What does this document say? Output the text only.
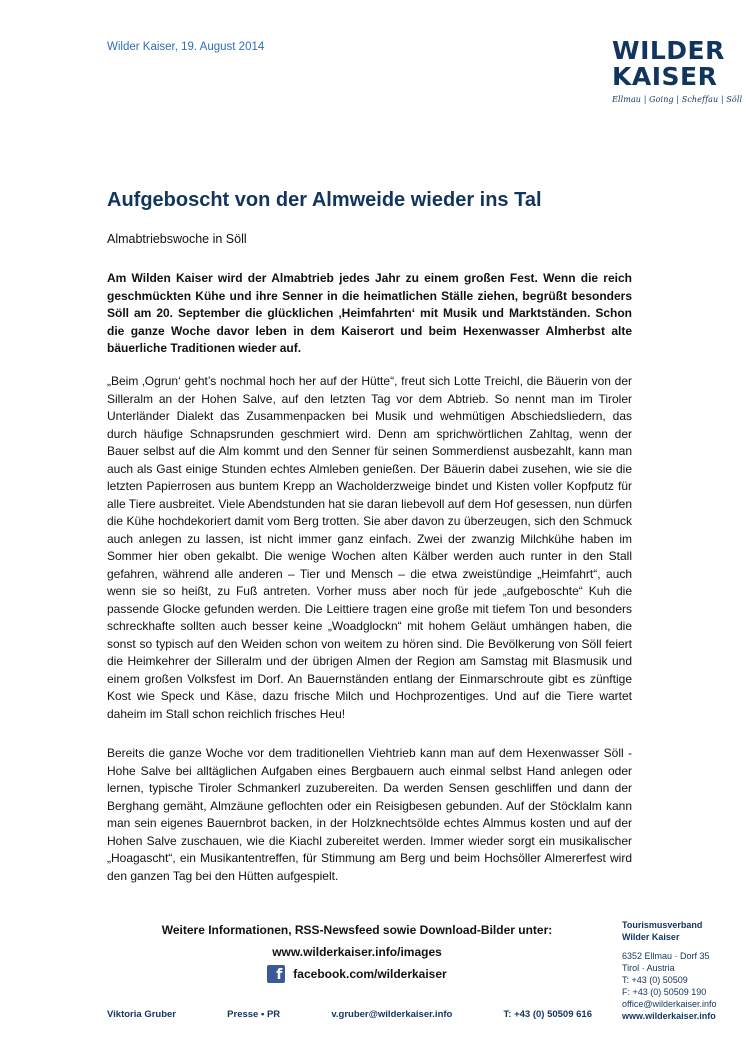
Wilder Kaiser, 19. August 2014	WILDER
KAISER
Ellmau | Going | Scheffau | Söll
Aufgeboscht von der Almweide wieder ins Tal
Almabtriebswoche in Söll

Am Wilden Kaiser wird der Almabtrieb jedes Jahr zu einem großen Fest. Wenn die reich geschmückten Kühe und ihre Senner in die heimatlichen Ställe ziehen, begrüßt besonders Söll am 20. September die glücklichen ‚Heimfahrten‘ mit Musik und Marktständen. Schon die ganze Woche davor leben in dem Kaiserort und beim Hexenwasser Almherbst alte bäuerliche Traditionen wieder auf.

„Beim ‚Ogrun‘ geht’s nochmal hoch her auf der Hütte“, freut sich Lotte Treichl, die Bäuerin von der Silleralm an der Hohen Salve, auf den letzten Tag vor dem Abtrieb. So nennt man im Tiroler Unterländer Dialekt das Zusammenpacken bei Musik und wehmütigen Abschiedsliedern, das durch häufige Schnapsrunden geschmiert wird. Denn am sprichwörtlichen Zahltag, wenn der Bauer selbst auf die Alm kommt und den Senner für seinen Sommerdienst ausbezahlt, kann man auch als Gast einige Stunden echtes Almleben genießen. Der Bäuerin dabei zusehen, wie sie die letzten Papierrosen aus buntem Krepp an Wacholderzweige bindet und Kisten voller Kopfputz für alle Tiere ausbreitet. Viele Abendstunden hat sie daran liebevoll auf dem Hof gesessen, nun dürfen die Kühe hochdekoriert damit vom Berg trotten. Sie aber davon zu überzeugen, sich den Schmuck auch anlegen zu lassen, ist nicht immer ganz einfach. Zwei der zwanzig Milchkühe haben im Sommer hier oben gekalbt. Die wenige Wochen alten Kälber werden auch runter in den Stall gefahren, während alle anderen – Tier und Mensch – die etwa zweistündige „Heimfahrt“, auch wenn sie so heißt, zu Fuß antreten. Vorher muss aber noch für jede „aufgeboschte“ Kuh die passende Glocke gefunden werden. Die Leittiere tragen eine große mit tiefem Ton und besonders schreckhafte sollten auch besser keine „Woadglockn“ mit hohem Geläut umhängen haben, die sonst so typisch auf den Weiden schon von weitem zu hören sind. Die Bevölkerung von Söll feiert die Heimkehrer der Silleralm und der übrigen Almen der Region am Samstag mit Blasmusik und einem großen Volksfest im Dorf. An Bauernständen entlang der Einmarschroute gibt es zünftige Kost wie Speck und Käse, dazu frische Milch und Hochprozentiges. Und auf die Tiere wartet daheim im Stall schon reichlich frisches Heu!

Bereits die ganze Woche vor dem traditionellen Viehtrieb kann man auf dem Hexenwasser Söll - Hohe Salve bei alltäglichen Aufgaben eines Bergbauern auch einmal selbst Hand anlegen oder lernen, typische Tiroler Schmankerl zuzubereiten. Da werden Sensen geschliffen und dann der Berghang gemäht, Almzäune geflochten oder ein Reisigbesen gebunden. Auf der Stöcklalm kann man sein eigenes Bauernbrot backen, in der Holzknechtsölde echtes Almmus kosten und auf der Hohen Salve zuschauen, wie die Kiachl zubereitet werden. Immer wieder sorgt ein musikalischer „Hoagascht“, ein Musikantentreffen, für Stimmung am Berg und beim Hochsöller Almererfest wird den ganzen Tag bei den Hütten aufgespielt.

Weitere Informationen, RSS-Newsfeed sowie Download-Bilder unter:
www.wilderkaiser.info/images
f facebook.com/wilderkaiser
Viktoria Gruber	Presse • PR	v.gruber@wilderkaiser.info	T: +43 (0) 50509 616
Tourismusverband
Wilder Kaiser
6352 Ellmau · Dorf 35
Tirol · Austria
T: +43 (0) 50509
F: +43 (0) 50509 190
office@wilderkaiser.info
www.wilderkaiser.info
